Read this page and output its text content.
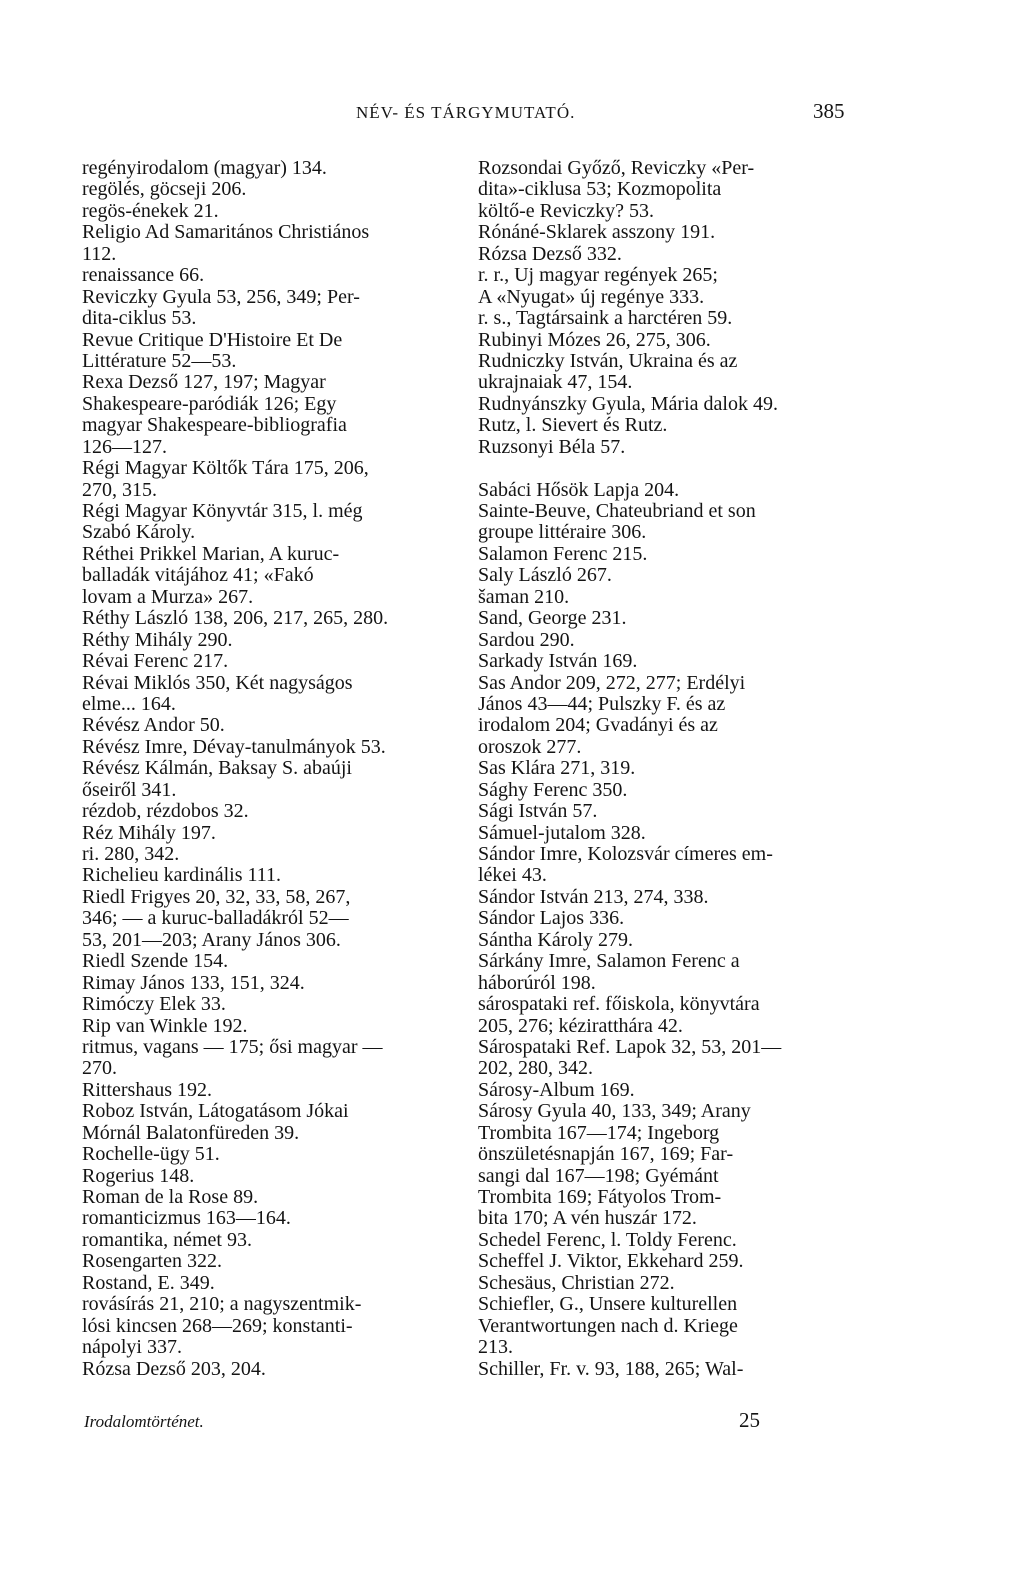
NÉV- ÉS TÁRGYMUTATÓ.	385
regényirodalom (magyar) 134.
regölés, göcseji 206.
regös-énekek 21.
Religio Ad Samaritános Christiános
112.
renaissance 66.
Reviczky Gyula 53, 256, 349; Per-
dita-ciklus 53.
Revue Critique D'Histoire Et De
Littérature 52—53.
Rexa Dezső 127, 197; Magyar
Shakespeare-paródiák 126; Egy
magyar Shakespeare-bibliografia
126—127.
Régi Magyar Költők Tára 175, 206,
270, 315.
Régi Magyar Könyvtár 315, l. még
Szabó Károly.
Réthei Prikkel Marian, A kuruc-
balladák vitájához 41; «Fakó
lovam a Murza» 267.
Réthy László 138, 206, 217, 265, 280.
Réthy Mihály 290.
Révai Ferenc 217.
Révai Miklós 350, Két nagyságos
elme... 164.
Révész Andor 50.
Révész Imre, Dévay-tanulmányok 53.
Révész Kálmán, Baksay S. abaúji
őseiről 341.
rézdob, rézdobos 32.
Réz Mihály 197.
ri. 280, 342.
Richelieu kardinális 111.
Riedl Frigyes 20, 32, 33, 58, 267,
346; — a kuruc-balladákról 52—
53, 201—203; Arany János 306.
Riedl Szende 154.
Rimay János 133, 151, 324.
Rimóczy Elek 33.
Rip van Winkle 192.
ritmus, vagans — 175; ősi magyar —
270.
Rittershaus 192.
Roboz István, Látogatásom Jókai
Mórnál Balatonfüreden 39.
Rochelle-ügy 51.
Rogerius 148.
Roman de la Rose 89.
romanticizmus 163—164.
romantika, német 93.
Rosengarten 322.
Rostand, E. 349.
rovásírás 21, 210; a nagyszentmik-
lósi kincsen 268—269; konstanti-
nápolyi 337.
Rózsa Dezső 203, 204.
Rozsondai Győző, Reviczky «Per-
dita»-ciklusa 53; Kozmopolita
költő-e Reviczky? 53.
Rónáné-Sklarek asszony 191.
Rózsa Dezső 332.
r. r., Uj magyar regények 265;
A «Nyugat» új regénye 333.
r. s., Tagtársaink a harctéren 59.
Rubinyi Mózes 26, 275, 306.
Rudniczky István, Ukraina és az
ukrajnaiak 47, 154.
Rudnyánszky Gyula, Mária dalok 49.
Rutz, l. Sievert és Rutz.
Ruzsonyi Béla 57.
Sabáci Hősök Lapja 204.
Sainte-Beuve, Chateubriand et son
groupe littéraire 306.
Salamon Ferenc 215.
Saly László 267.
šaman 210.
Sand, George 231.
Sardou 290.
Sarkady István 169.
Sas Andor 209, 272, 277; Erdélyi
János 43—44; Pulszky F. és az
irodalom 204; Gvadányi és az
oroszok 277.
Sas Klára 271, 319.
Sághy Ferenc 350.
Sági István 57.
Sámuel-jutalom 328.
Sándor Imre, Kolozsvár címeres em-
lékei 43.
Sándor István 213, 274, 338.
Sándor Lajos 336.
Sántha Károly 279.
Sárkány Imre, Salamon Ferenc a
háborúról 198.
sárospataki ref. főiskola, könyvtára
205, 276; kéziratthára 42.
Sárospataki Ref. Lapok 32, 53, 201—
202, 280, 342.
Sárosy-Album 169.
Sárosy Gyula 40, 133, 349; Arany
Trombita 167—174; Ingeborg
önszületésnapján 167, 169; Far-
sangi dal 167—198; Gyémánt
Trombita 169; Fátyolos Trom-
bita 170; A vén huszár 172.
Schedel Ferenc, l. Toldy Ferenc.
Scheffel J. Viktor, Ekkehard 259.
Schesäus, Christian 272.
Schiefler, G., Unsere kulturellen
Verantwortungen nach d. Kriege
213.
Schiller, Fr. v. 93, 188, 265; Wal-
Irodalomtörténet.	25
